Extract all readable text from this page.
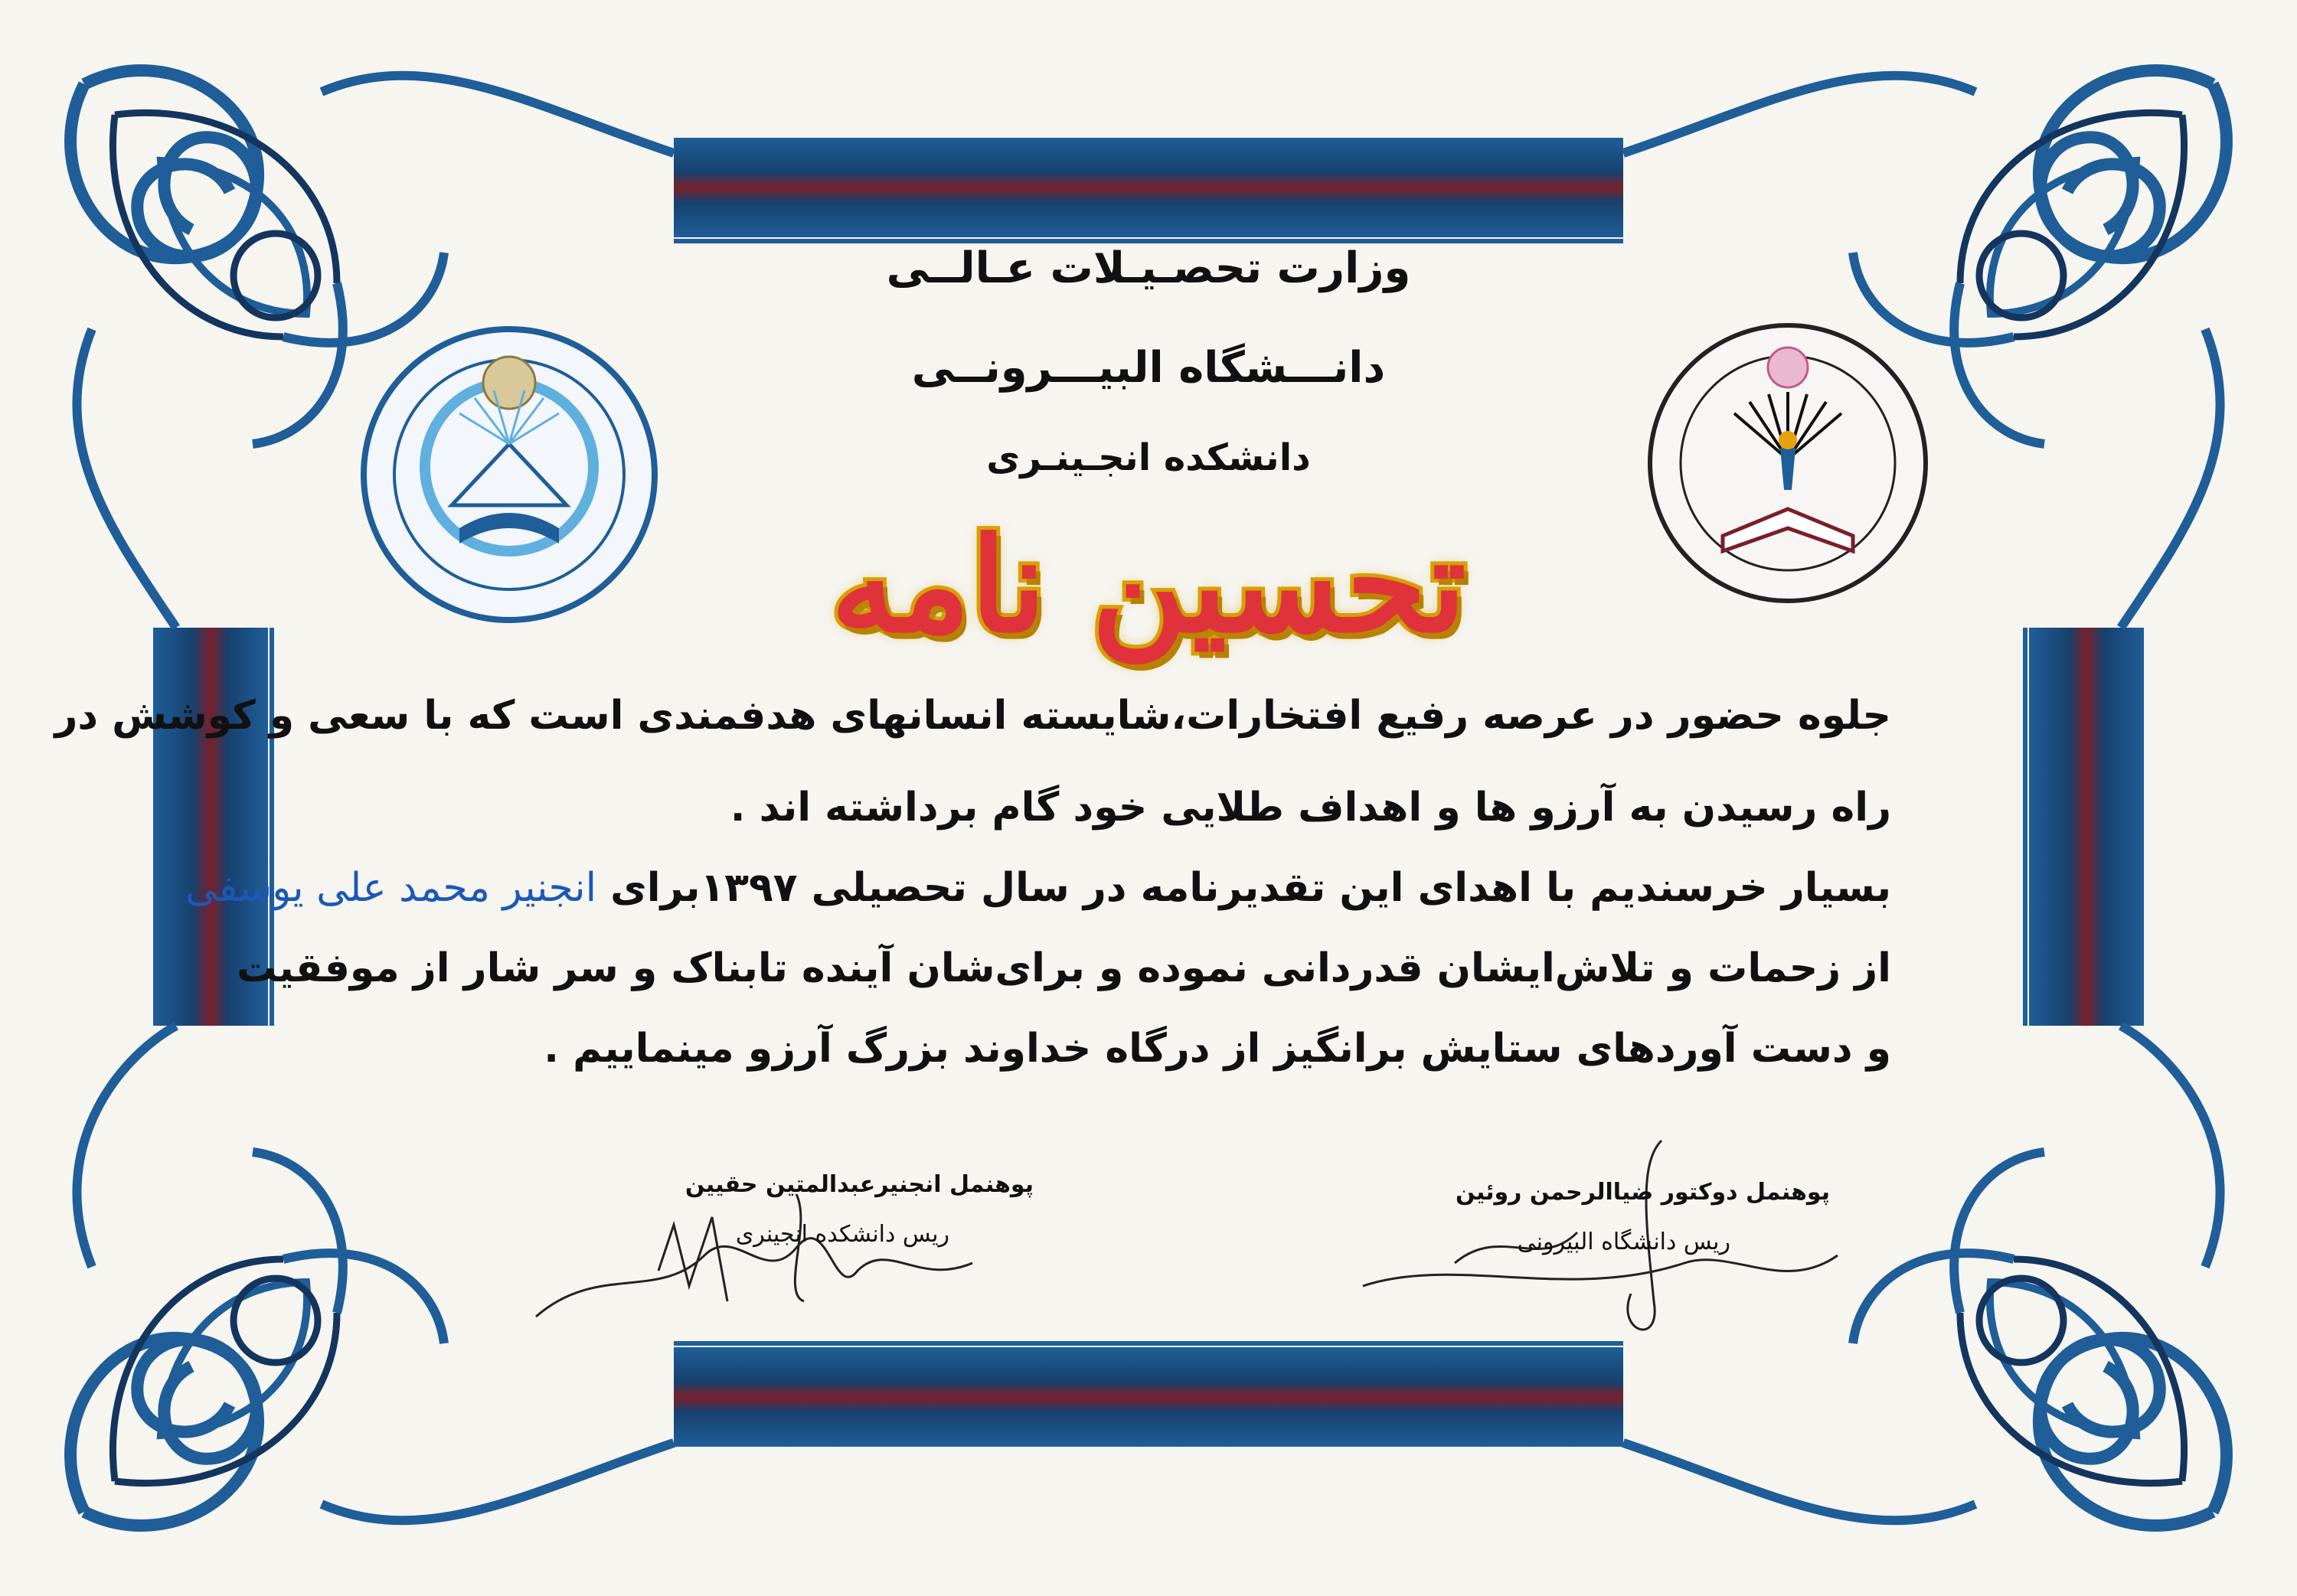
وزارت تحصـیـلات عـالــی
دانـــشگاه البیـــرونــی
دانشکده انجـینـری
تحسین نامه

جلوه حضور در عرصه رفیع افتخارات،شایسته انسانهای هدفمندی است که با سعی و کوشش در

راه رسیدن به آرزو ها و اهداف طلایی خود گام برداشته اند .

بسیار خرسندیم با اهدای این تقدیرنامه در سال تحصیلی ۱۳۹۷برای انجنیر محمد علی یوسفی

از زحمات و تلاش‌ایشان قدردانی نموده و برای‌شان آینده تابناک و سر شار از موفقیت

و دست آوردهای ستایش برانگیز از درگاه خداوند بزرگ آرزو مینماییم .

پوهنمل انجنیرعبدالمتین حقیین
ریس دانشکده انجینری
پوهنمل دوکتور ضیاالرحمن روئین
ریس دانشگاه البیرونی
